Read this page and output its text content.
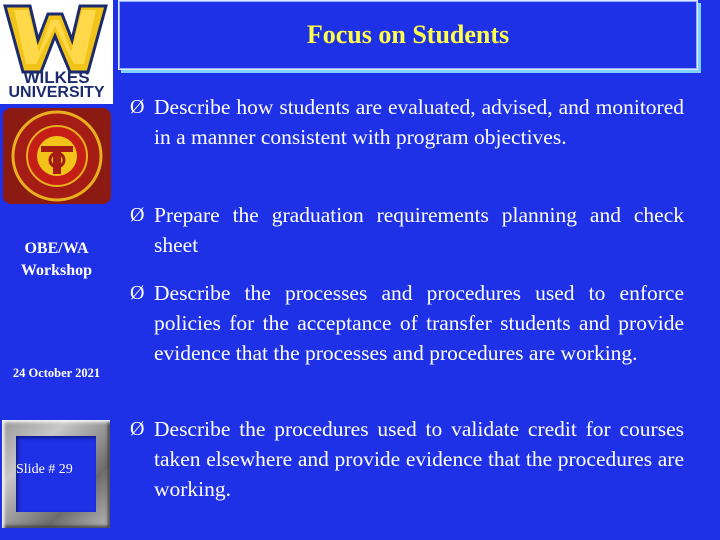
WILKES
UNIVERSITY
OBE/WA Workshop
24 October 2021
Slide # 29
Focus on Students
Ø Describe how students are evaluated, advised, and monitored in a manner consistent with program objectives.
Ø Prepare the graduation requirements planning and check sheet
Ø Describe the processes and procedures used to enforce policies for the acceptance of transfer students and provide evidence that the processes and procedures are working.
Ø Describe the procedures used to validate credit for courses taken elsewhere and provide evidence that the procedures are working.
